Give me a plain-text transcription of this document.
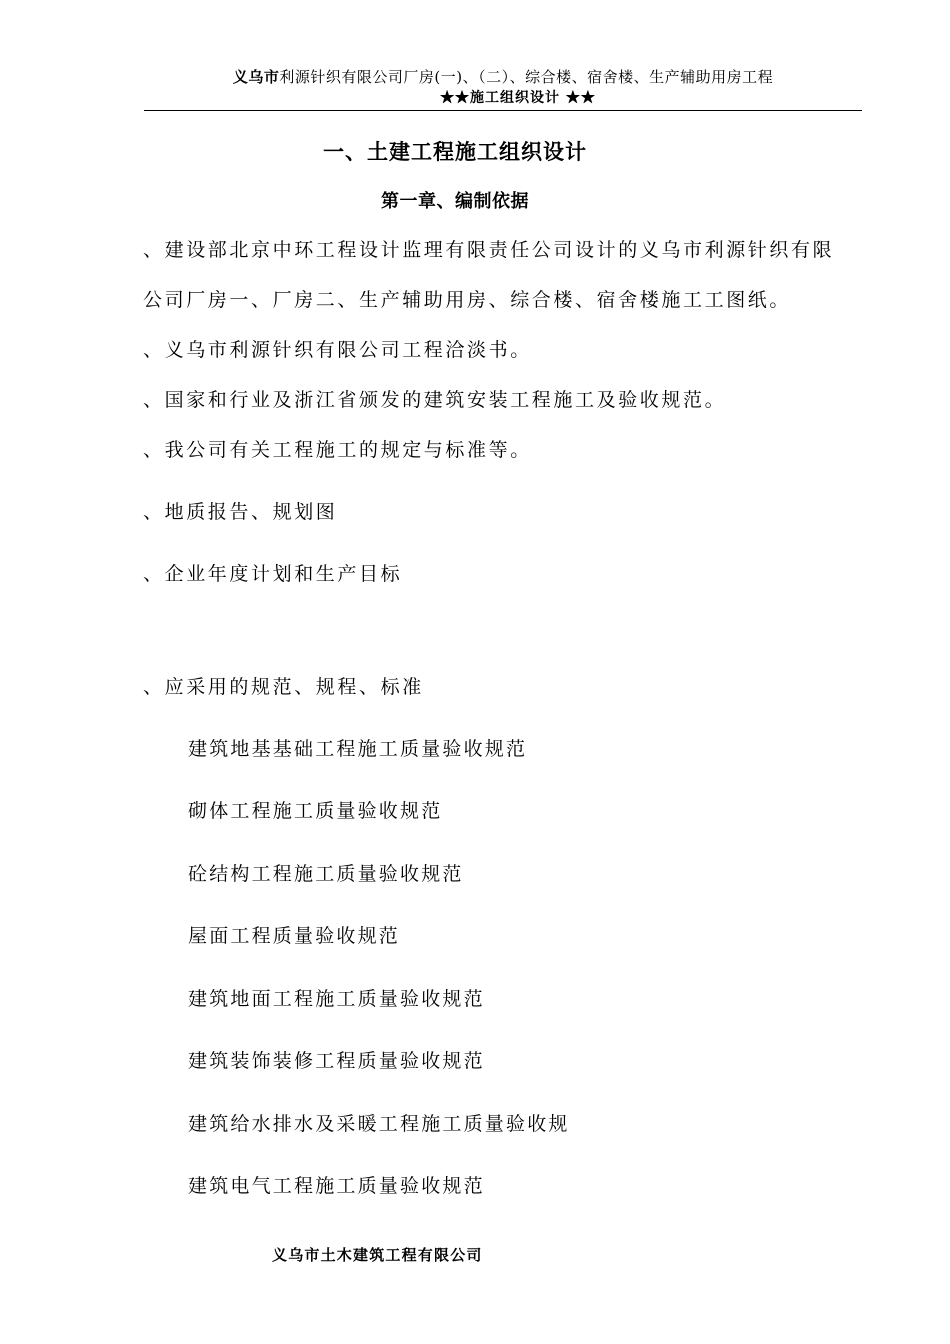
义乌市利源针织有限公司厂房(一)、（二）、综合楼、宿舍楼、生产辅助用房工程
★★施工组织设计 ★★
一、土建工程施工组织设计
第一章、编制依据
、建设部北京中环工程设计监理有限责任公司设计的义乌市利源针织有限
公司厂房一、厂房二、生产辅助用房、综合楼、宿舍楼施工工图纸。
、义乌市利源针织有限公司工程洽淡书。
、国家和行业及浙江省颁发的建筑安装工程施工及验收规范。
、我公司有关工程施工的规定与标准等。
、地质报告、规划图
、企业年度计划和生产目标
、应采用的规范、规程、标准
建筑地基基础工程施工质量验收规范
砌体工程施工质量验收规范
砼结构工程施工质量验收规范
屋面工程质量验收规范
建筑地面工程施工质量验收规范
建筑装饰装修工程质量验收规范
建筑给水排水及采暖工程施工质量验收规
建筑电气工程施工质量验收规范
义乌市土木建筑工程有限公司
